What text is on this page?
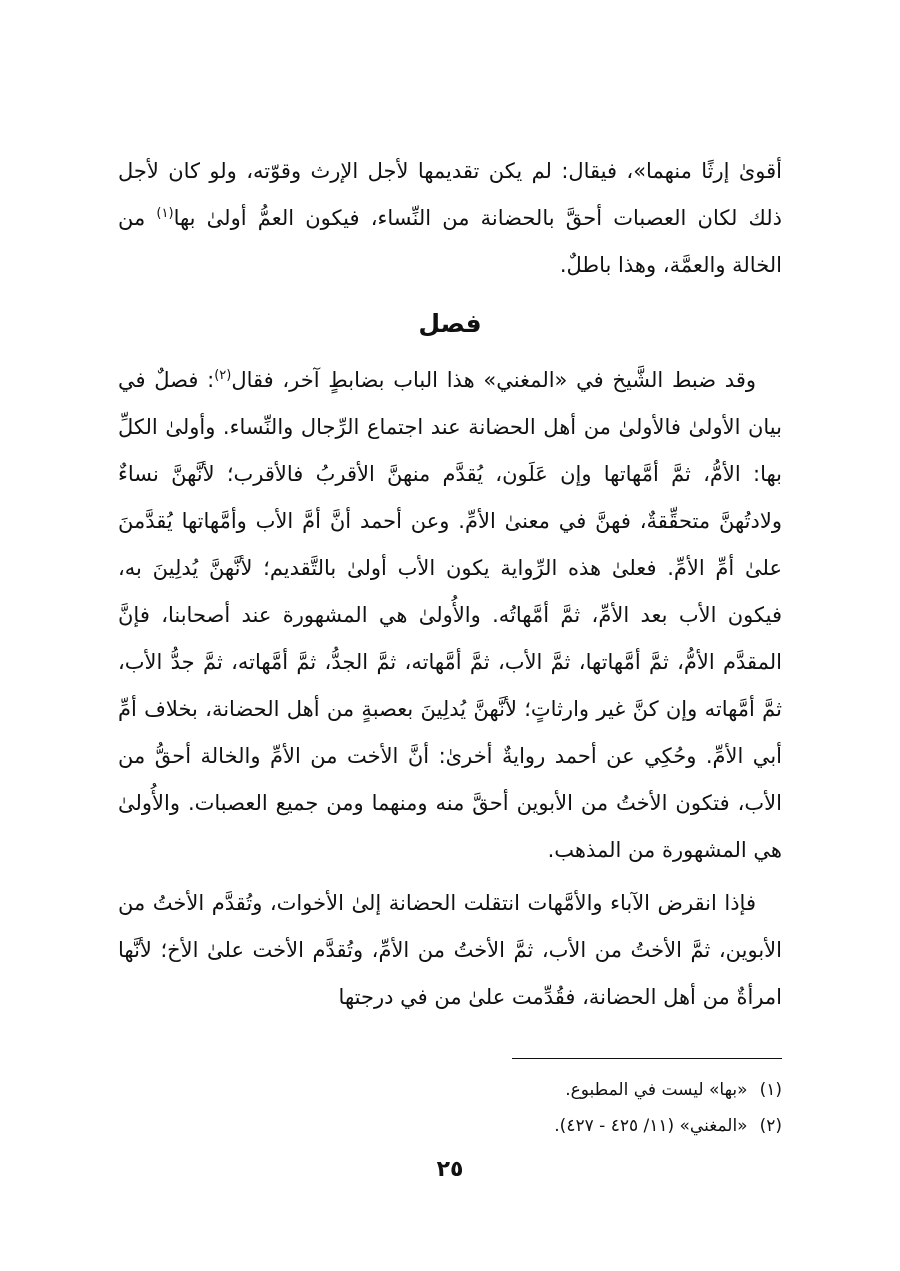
أقوىٰ إرثًا منهما»، فيقال: لم يكن تقديمها لأجل الإرث وقوّته، ولو كان لأجل ذلك لكان العصبات أحقَّ بالحضانة من النِّساء، فيكون العمُّ أولىٰ بها$^{(١)}$ من الخالة والعمَّة، وهذا باطلٌ.

فصل

وقد ضبط الشَّيخ في «المغني» هذا الباب بضابطٍ آخر، فقال$^{(٢)}$: فصلٌ في بيان الأولىٰ فالأولىٰ من أهل الحضانة عند اجتماع الرِّجال والنِّساء. وأولىٰ الكلِّ بها: الأمُّ، ثمَّ أمَّهاتها وإن عَلَون، يُقدَّم منهنَّ الأقربُ فالأقرب؛ لأنَّهنَّ نساءٌ ولادتُهنَّ متحقِّقةٌ، فهنَّ في معنىٰ الأمِّ. وعن أحمد أنَّ أمَّ الأب وأمَّهاتها يُقدَّمنَ علىٰ أمِّ الأمِّ. فعلىٰ هذه الرِّواية يكون الأب أولىٰ بالتَّقديم؛ لأنَّهنَّ يُدلِينَ به، فيكون الأب بعد الأمِّ، ثمَّ أمَّهاتُه. والأُولىٰ هي المشهورة عند أصحابنا، فإنَّ المقدَّم الأمُّ، ثمَّ أمَّهاتها، ثمَّ الأب، ثمَّ أمَّهاته، ثمَّ الجدُّ، ثمَّ أمَّهاته، ثمَّ جدُّ الأب، ثمَّ أمَّهاته وإن كنَّ غير وارثاتٍ؛ لأنَّهنَّ يُدلِينَ بعصبةٍ من أهل الحضانة، بخلاف أمِّ أبي الأمِّ. وحُكِي عن أحمد روايةٌ أخرىٰ: أنَّ الأخت من الأمِّ والخالة أحقُّ من الأب، فتكون الأختُ من الأبوين أحقَّ منه ومنهما ومن جميع العصبات. والأُولىٰ هي المشهورة من المذهب.

فإذا انقرض الآباء والأمَّهات انتقلت الحضانة إلىٰ الأخوات، وتُقدَّم الأختُ من الأبوين، ثمَّ الأختُ من الأب، ثمَّ الأختُ من الأمِّ، وتُقدَّم الأخت علىٰ الأخ؛ لأنَّها امرأةٌ من أهل الحضانة، فقُدِّمت علىٰ من في درجتها

(١)«بها» ليست في المطبوع.
(٢)«المغني» (١١/ ٤٢٥ - ٤٢٧).
٢٥
